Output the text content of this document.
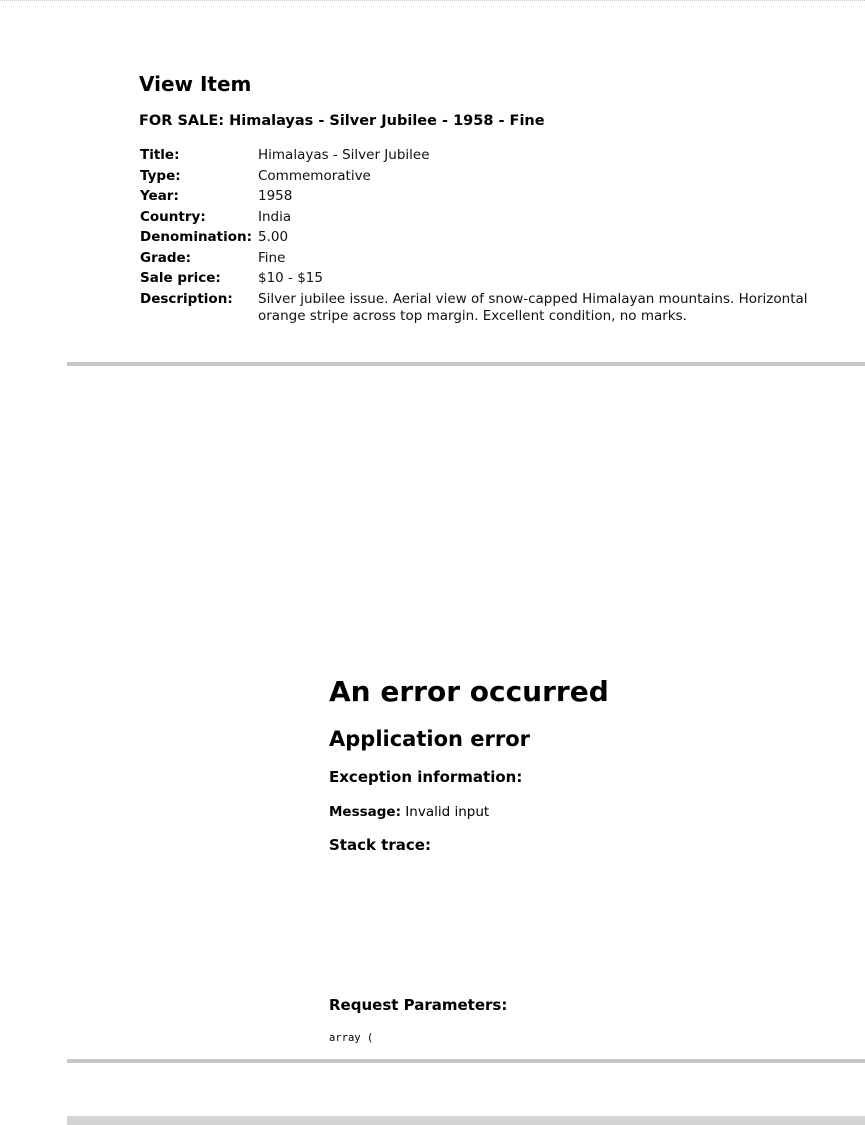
View Item
FOR SALE: Himalayas - Silver Jubilee - 1958 - Fine
Title:	Himalayas - Silver Jubilee
Type:	Commemorative
Year:	1958
Country:	India
Denomination:	5.00
Grade:	Fine
Sale price:	$10 - $15
Description:	Silver jubilee issue. Aerial view of snow-capped Himalayan mountains. Horizontal orange stripe across top margin. Excellent condition, no marks.
An error occurred
Application error
Exception information:

Message: Invalid input

Stack trace:
Request Parameters:
array (
